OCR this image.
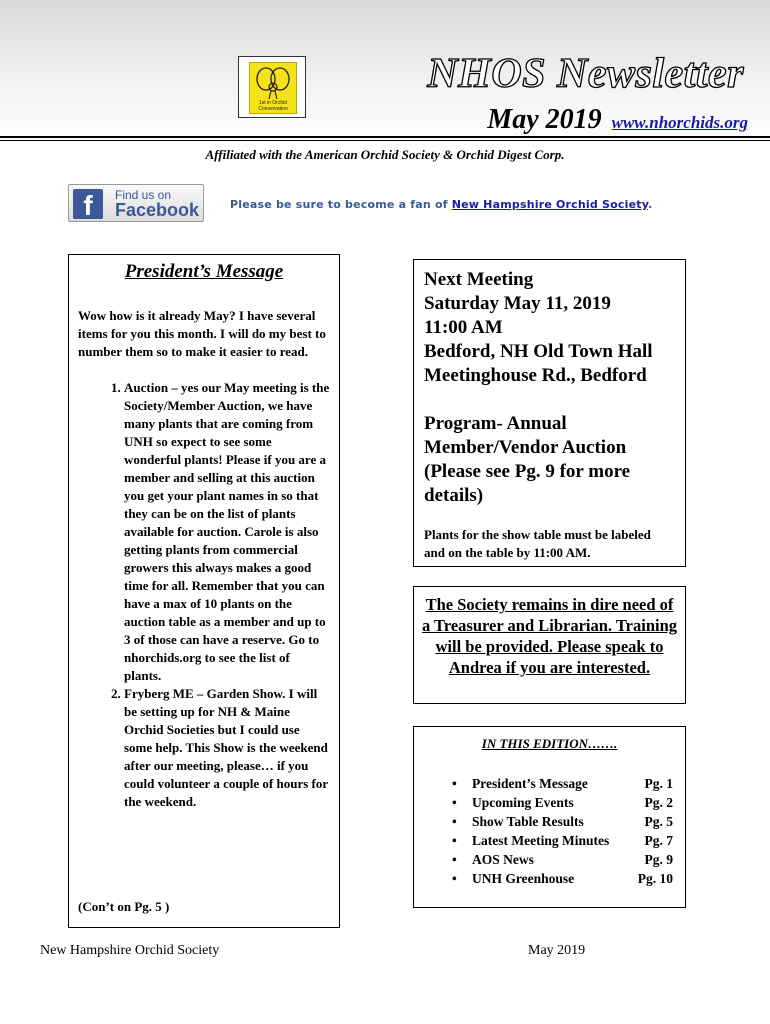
1st in Orchid Conservation
NHOS Newsletter
May 2019 www.nhorchids.org
Affiliated with the American Orchid Society & Orchid Digest Corp.
f	Find us on
Facebook	Please be sure to become a fan of New Hampshire Orchid Society.
President’s Message
Wow how is it already May? I have several items for you this month. I will do my best to number them so to make it easier to read.
1. Auction – yes our May meeting is the Society/Member Auction, we have many plants that are coming from UNH so expect to see some wonderful plants! Please if you are a member and selling at this auction you get your plant names in so that they can be on the list of plants available for auction. Carole is also getting plants from commercial growers this always makes a good time for all. Remember that you can have a max of 10 plants on the auction table as a member and up to 3 of those can have a reserve. Go to nhorchids.org to see the list of plants.
2. Fryberg ME – Garden Show. I will be setting up for NH & Maine Orchid Societies but I could use some help. This Show is the weekend after our meeting, please… if you could volunteer a couple of hours for the weekend.
(Con’t on Pg. 5 )
Next Meeting
Saturday May 11, 2019
11:00 AM
Bedford, NH Old Town Hall
Meetinghouse Rd., Bedford
Program- Annual Member/Vendor Auction (Please see Pg. 9 for more details)
Plants for the show table must be labeled and on the table by 11:00 AM.
The Society remains in dire need of a Treasurer and Librarian. Training will be provided. Please speak to Andrea if you are interested.
IN THIS EDITION…….
• President’s Message	Pg. 1
• Upcoming Events	Pg. 2
• Show Table Results	Pg. 5
• Latest Meeting Minutes	Pg. 7
• AOS News	Pg. 9
• UNH Greenhouse	Pg. 10
New Hampshire Orchid Society	May 2019
